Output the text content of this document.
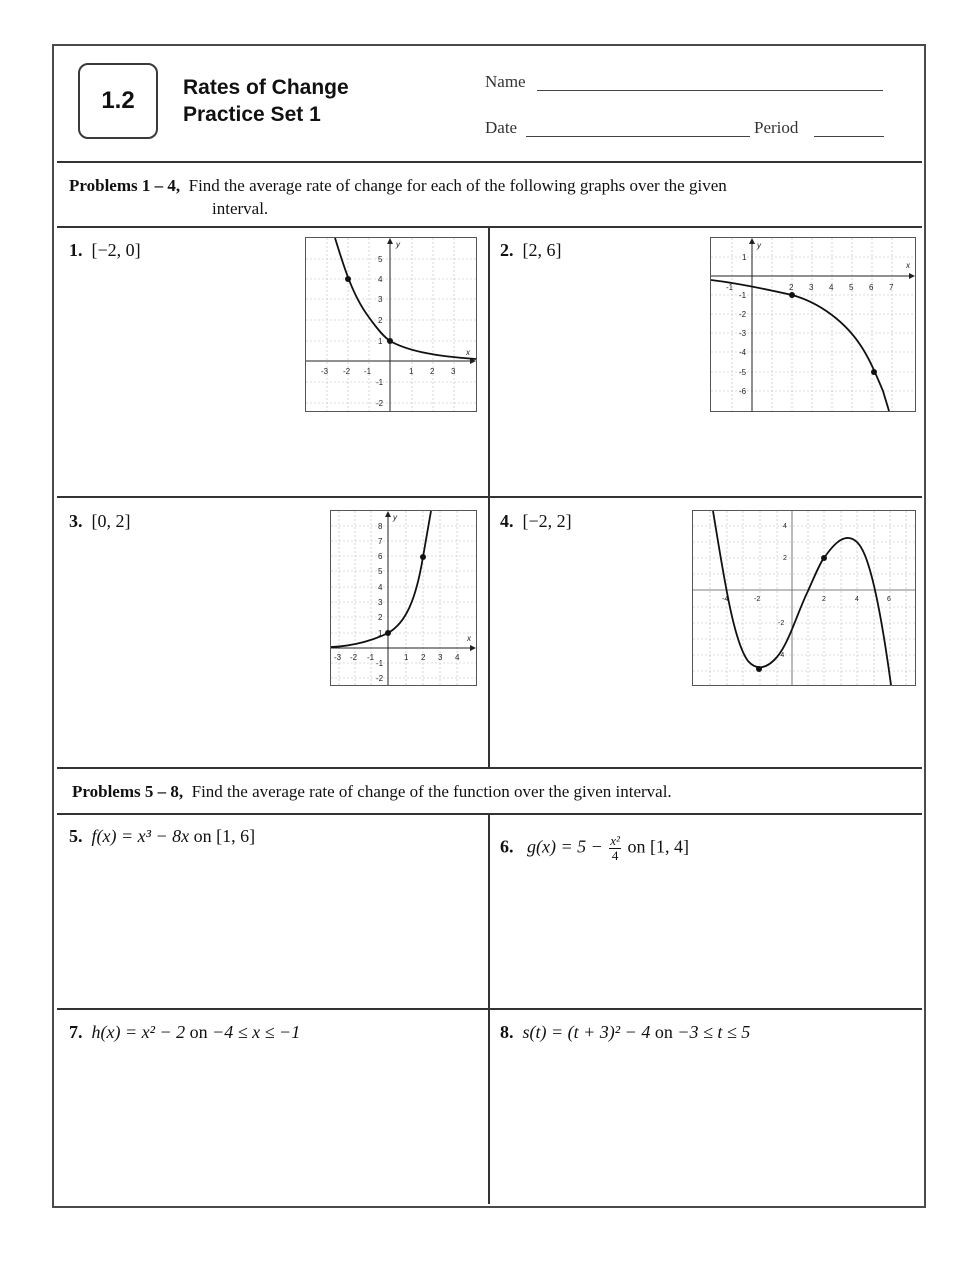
1.2 Rates of Change
Practice Set 1
Name
Date	Period
Problems 1 – 4, Find the average rate of change for each of the following graphs over the given
interval.
1. [−2, 0]	2. [2, 6]
3. [0, 2]	4. [−2, 2]
y
x
-3 -2 -1	1 2 3
5
4
3
2
1
-1
-2
y
x
-1	2 3 4 5 6 7
1
-1
-2
-3
-4
-5
-6
y
x
-3 -2 -1	1 2 3 4
8
7
6
5
4
3
2
1
-1
-2
-4	-2	2	4	6
4
2
-2
-4
Problems 5 – 8, Find the average rate of change of the function over the given interval.
5. f(x) = x³ − 8x on [1, 6]
6. $g(x) = 5 - \frac{\text{x²}}{4}$ on [1, 4]
7. h(x) = x² − 2 on −4 ≤ x ≤ −1	8. s(t) = (t + 3)² − 4 on −3 ≤ t ≤ 5
